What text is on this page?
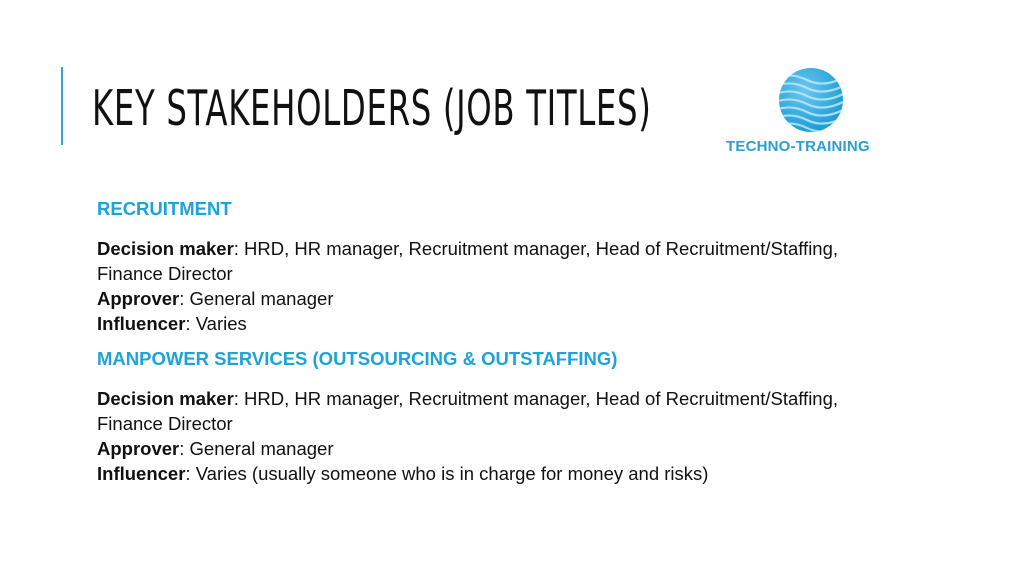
KEY STAKEHOLDERS (JOB TITLES)
TECHNO-TRAINING
RECRUITMENT
Decision maker: HRD, HR manager, Recruitment manager, Head of Recruitment/Staffing, Finance Director
Approver: General manager
Influencer: Varies
MANPOWER SERVICES (OUTSOURCING & OUTSTAFFING)
Decision maker: HRD, HR manager, Recruitment manager, Head of Recruitment/Staffing, Finance Director
Approver: General manager
Influencer: Varies (usually someone who is in charge for money and risks)
